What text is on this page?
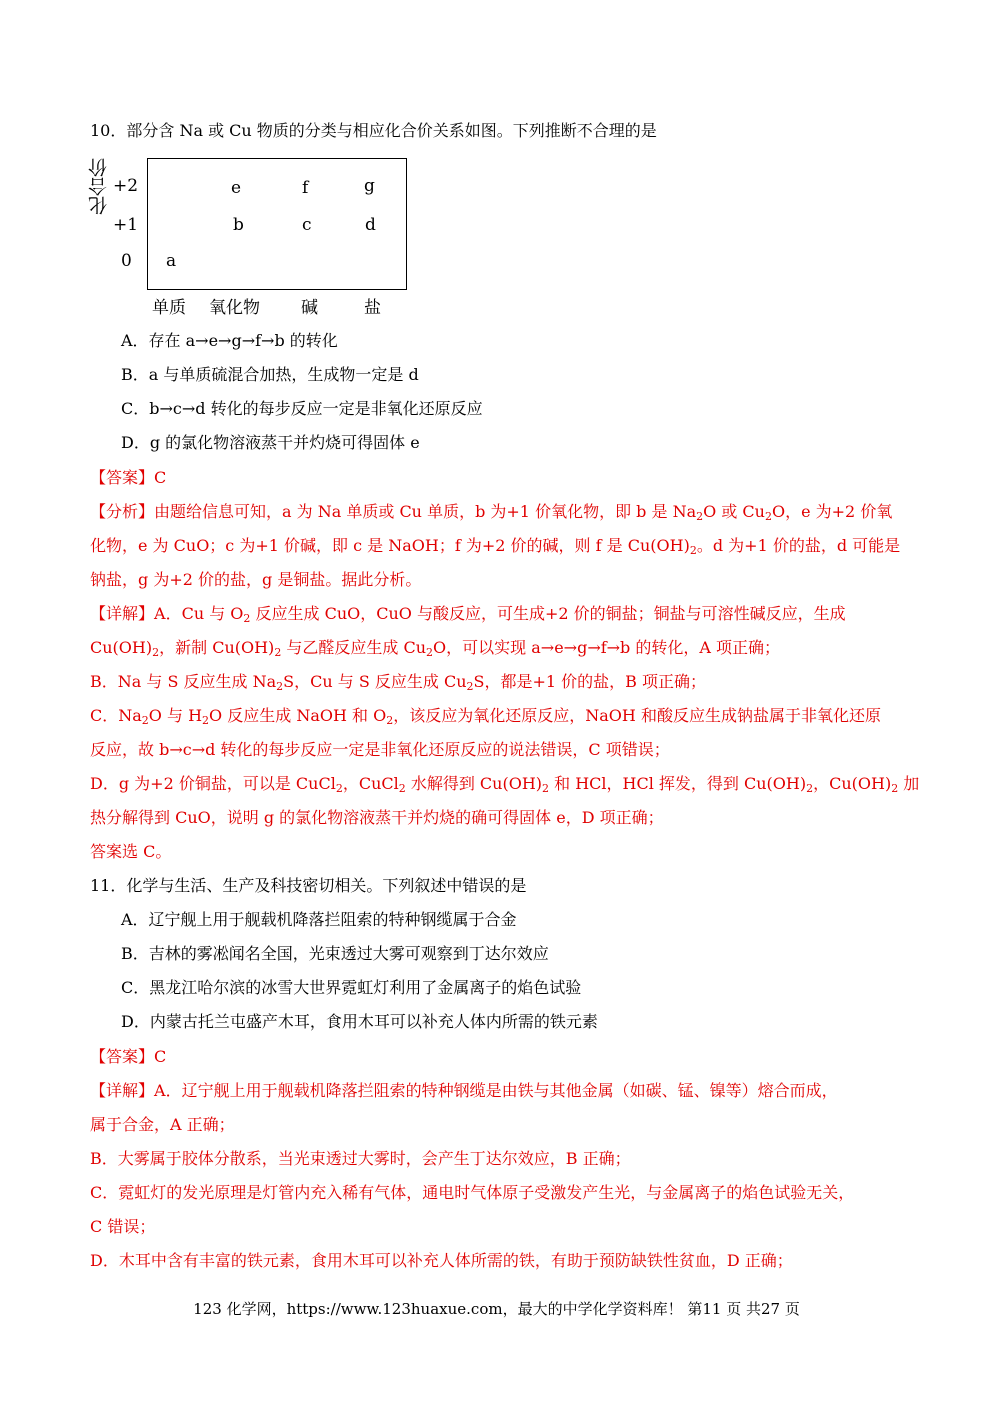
10．部分含 Na 或 Cu 物质的分类与相应化合价关系如图。下列推断不合理的是
化合价 +2
+1
0
e	f	g
b	c	d
a
单质 氧化物 碱	盐
A．存在 a→e→g→f→b 的转化
B．a 与单质硫混合加热，生成物一定是 d
C．b→c→d 转化的每步反应一定是非氧化还原反应
D．g 的氯化物溶液蒸干并灼烧可得固体 e
【答案】C
【分析】由题给信息可知，a 为 Na 单质或 Cu 单质，b 为+1 价氧化物，即 b 是 $Na_2O$ 或 $Cu_2O$，e 为+2 价氧
化物，e 为 CuO；c 为+1 价碱，即 c 是 NaOH；f 为+2 价的碱，则 f 是 $Cu(OH)_2$。d 为+1 价的盐，d 可能是
钠盐，g 为+2 价的盐，g 是铜盐。据此分析。
【详解】A．Cu 与 $O_2$ 反应生成 CuO，CuO 与酸反应，可生成+2 价的铜盐；铜盐与可溶性碱反应，生成
$Cu(OH)_2$，新制 $Cu(OH)_2$ 与乙醛反应生成 $Cu_2O$，可以实现 a→e→g→f→b 的转化，A 项正确；
B．Na 与 S 反应生成 $Na_2S$，Cu 与 S 反应生成 $Cu_2S$，都是+1 价的盐，B 项正确；
C．$Na_2O$ 与 $H_2O$ 反应生成 NaOH 和 $O_2$，该反应为氧化还原反应，NaOH 和酸反应生成钠盐属于非氧化还原
反应，故 b→c→d 转化的每步反应一定是非氧化还原反应的说法错误，C 项错误；
D．g 为+2 价铜盐，可以是 CuCl$_2$，CuCl$_2$ 水解得到 $Cu(OH)_2$ 和 HCl，HCl 挥发，得到 $Cu(OH)_2$，$Cu(OH)_2$ 加
热分解得到 CuO，说明 g 的氯化物溶液蒸干并灼烧的确可得固体 e，D 项正确；
答案选 C。
11．化学与生活、生产及科技密切相关。下列叙述中错误的是
A．辽宁舰上用于舰载机降落拦阻索的特种钢缆属于合金
B．吉林的雾凇闻名全国，光束透过大雾可观察到丁达尔效应
C．黑龙江哈尔滨的冰雪大世界霓虹灯利用了金属离子的焰色试验
D．内蒙古托兰屯盛产木耳，食用木耳可以补充人体内所需的铁元素
【答案】C
【详解】A．辽宁舰上用于舰载机降落拦阻索的特种钢缆是由铁与其他金属（如碳、锰、镍等）熔合而成，
属于合金，A 正确；
B．大雾属于胶体分散系，当光束透过大雾时，会产生丁达尔效应，B 正确；
C．霓虹灯的发光原理是灯管内充入稀有气体，通电时气体原子受激发产生光，与金属离子的焰色试验无关，
C 错误；
D．木耳中含有丰富的铁元素，食用木耳可以补充人体所需的铁，有助于预防缺铁性贫血，D 正确；
123 化学网，https://www.123huaxue.com，最大的中学化学资料库！ 第11 页 共27 页
